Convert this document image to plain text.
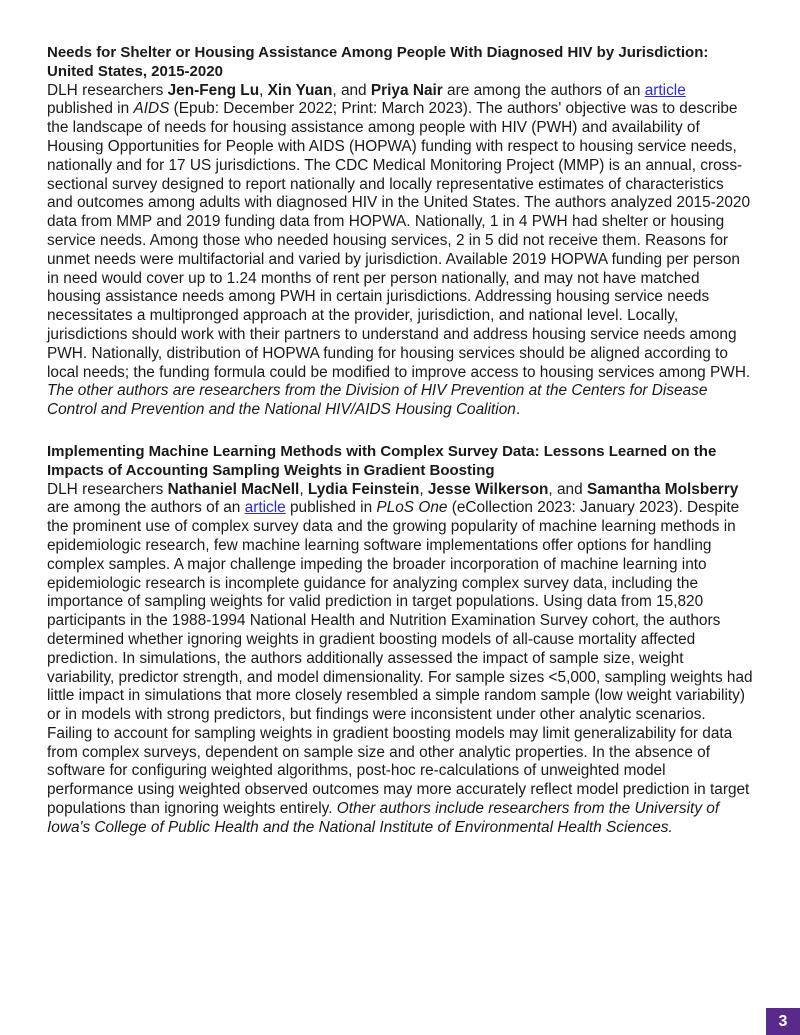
Needs for Shelter or Housing Assistance Among People With Diagnosed HIV by Jurisdiction: United States, 2015-2020

DLH researchers Jen-Feng Lu, Xin Yuan, and Priya Nair are among the authors of an article published in AIDS (Epub: December 2022; Print: March 2023). The authors' objective was to describe the landscape of needs for housing assistance among people with HIV (PWH) and availability of Housing Opportunities for People with AIDS (HOPWA) funding with respect to housing service needs, nationally and for 17 US jurisdictions. The CDC Medical Monitoring Project (MMP) is an annual, cross-sectional survey designed to report nationally and locally representative estimates of characteristics and outcomes among adults with diagnosed HIV in the United States. The authors analyzed 2015-2020 data from MMP and 2019 funding data from HOPWA. Nationally, 1 in 4 PWH had shelter or housing service needs. Among those who needed housing services, 2 in 5 did not receive them. Reasons for unmet needs were multifactorial and varied by jurisdiction. Available 2019 HOPWA funding per person in need would cover up to 1.24 months of rent per person nationally, and may not have matched housing assistance needs among PWH in certain jurisdictions. Addressing housing service needs necessitates a multipronged approach at the provider, jurisdiction, and national level. Locally, jurisdictions should work with their partners to understand and address housing service needs among PWH. Nationally, distribution of HOPWA funding for housing services should be aligned according to local needs; the funding formula could be modified to improve access to housing services among PWH. The other authors are researchers from the Division of HIV Prevention at the Centers for Disease Control and Prevention and the National HIV/AIDS Housing Coalition.

Implementing Machine Learning Methods with Complex Survey Data: Lessons Learned on the Impacts of Accounting Sampling Weights in Gradient Boosting

DLH researchers Nathaniel MacNell, Lydia Feinstein, Jesse Wilkerson, and Samantha Molsberry are among the authors of an article published in PLoS One (eCollection 2023: January 2023). Despite the prominent use of complex survey data and the growing popularity of machine learning methods in epidemiologic research, few machine learning software implementations offer options for handling complex samples. A major challenge impeding the broader incorporation of machine learning into epidemiologic research is incomplete guidance for analyzing complex survey data, including the importance of sampling weights for valid prediction in target populations. Using data from 15,820 participants in the 1988-1994 National Health and Nutrition Examination Survey cohort, the authors determined whether ignoring weights in gradient boosting models of all-cause mortality affected prediction. In simulations, the authors additionally assessed the impact of sample size, weight variability, predictor strength, and model dimensionality. For sample sizes <5,000, sampling weights had little impact in simulations that more closely resembled a simple random sample (low weight variability) or in models with strong predictors, but findings were inconsistent under other analytic scenarios. Failing to account for sampling weights in gradient boosting models may limit generalizability for data from complex surveys, dependent on sample size and other analytic properties. In the absence of software for configuring weighted algorithms, post-hoc re-calculations of unweighted model performance using weighted observed outcomes may more accurately reflect model prediction in target populations than ignoring weights entirely. Other authors include researchers from the University of Iowa's College of Public Health and the National Institute of Environmental Health Sciences.

3
